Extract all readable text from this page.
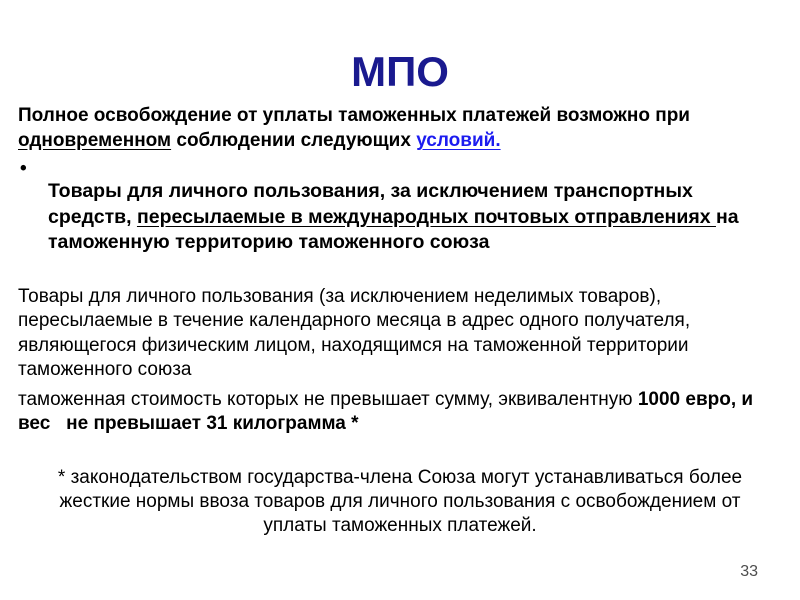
МПО

Полное освобождение от уплаты таможенных платежей возможно при одновременном соблюдении следующих условий.

•

Товары для личного пользования, за исключением транспортных средств, пересылаемые в международных почтовых отправлениях на таможенную территорию таможенного союза

Товары для личного пользования (за исключением неделимых товаров), пересылаемые в течение календарного месяца в адрес одного получателя, являющегося физическим лицом, находящимся на таможенной территории таможенного союза

таможенная стоимость которых не превышает сумму, эквивалентную 1000 евро, и вес   не превышает 31 килограмма *

* законодательством государства-члена Союза могут устанавливаться более жесткие нормы ввоза товаров для личного пользования с освобождением от уплаты таможенных платежей.

33
